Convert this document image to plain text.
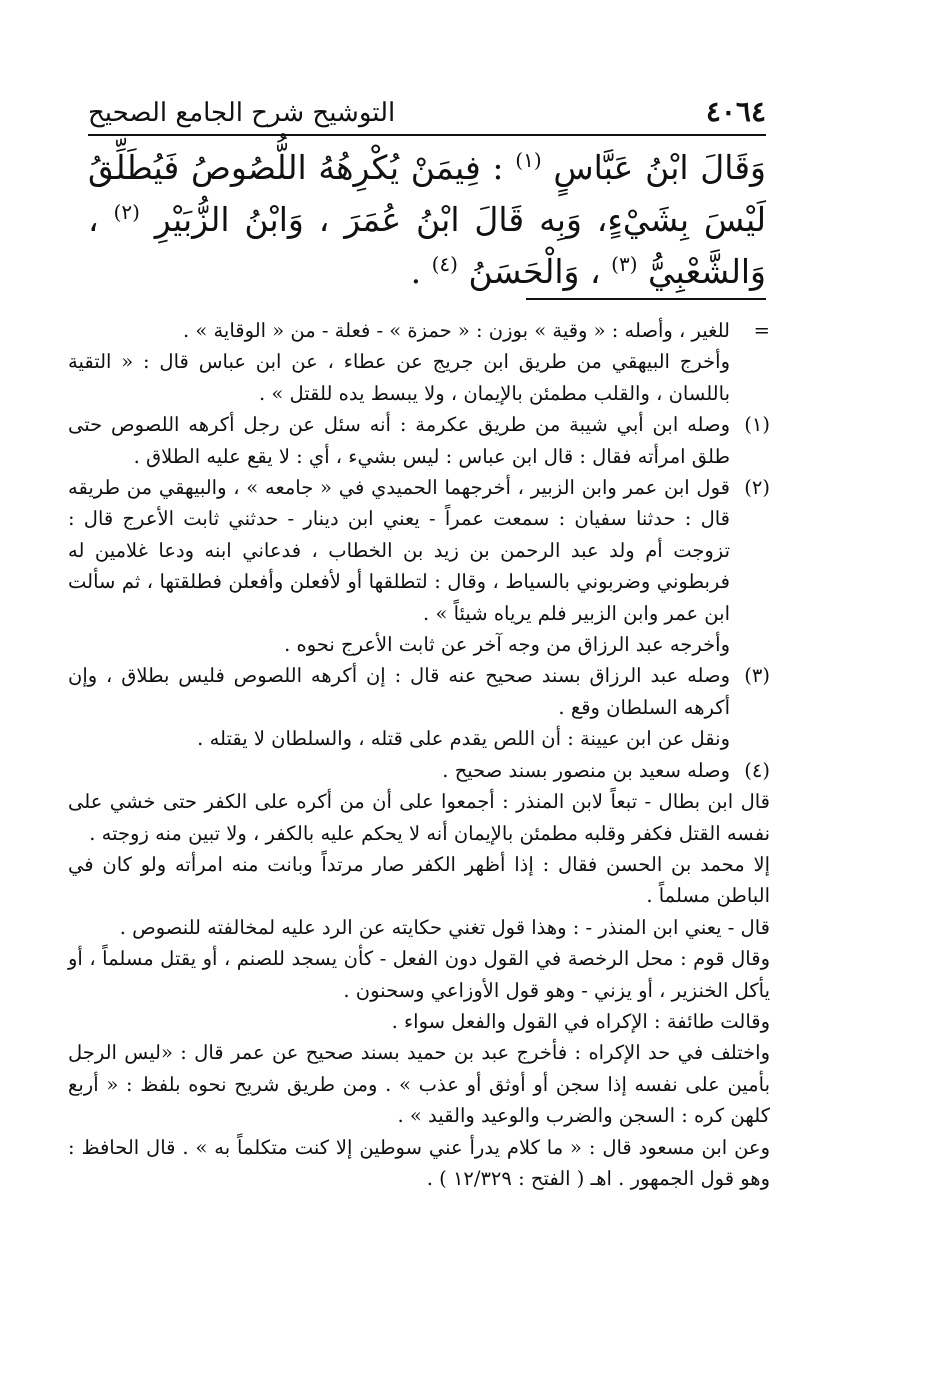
٤٠٦٤
التوشيح شرح الجامع الصحيح
وَقَالَ ابْنُ عَبَّاسٍ $^{(١)}$ : فِيمَنْ يُكْرِهُهُ اللُّصُوصُ فَيُطَلِّقُ لَيْسَ بِشَيْءٍ، وَبِه قَالَ ابْنُ عُمَرَ ، وَابْنُ الزُّبَيْرِ $^{(٢)}$ ، وَالشَّعْبِيُّ $^{(٣)}$ ، وَالْحَسَنُ $^{(٤)}$ .
=

للغير ، وأصله : « وقية » بوزن : « حمزة » - فعلة - من « الوقاية » .

وأخرج البيهقي من طريق ابن جريج عن عطاء ، عن ابن عباس قال : « التقية باللسان ، والقلب مطمئن بالإيمان ، ولا يبسط يده للقتل » .

(١)

وصله ابن أبي شيبة من طريق عكرمة : أنه سئل عن رجل أكرهه اللصوص حتى طلق امرأته فقال : قال ابن عباس : ليس بشيء ، أي : لا يقع عليه الطلاق .

(٢)

قول ابن عمر وابن الزبير ، أخرجهما الحميدي في « جامعه » ، والبيهقي من طريقه قال : حدثنا سفيان : سمعت عمراً - يعني ابن دينار - حدثني ثابت الأعرج قال : تزوجت أم ولد عبد الرحمن بن زيد بن الخطاب ، فدعاني ابنه ودعا غلامين له فربطوني وضربوني بالسياط ، وقال : لتطلقها أو لأفعلن وأفعلن فطلقتها ، ثم سألت ابن عمر وابن الزبير فلم يرياه شيئاً » .

وأخرجه عبد الرزاق من وجه آخر عن ثابت الأعرج نحوه .

(٣)

وصله عبد الرزاق بسند صحيح عنه قال : إن أكرهه اللصوص فليس بطلاق ، وإن أكرهه السلطان وقع .

ونقل عن ابن عيينة : أن اللص يقدم على قتله ، والسلطان لا يقتله .

(٤)

وصله سعيد بن منصور بسند صحيح .

قال ابن بطال - تبعاً لابن المنذر : أجمعوا على أن من أكره على الكفر حتى خشي على نفسه القتل فكفر وقلبه مطمئن بالإيمان أنه لا يحكم عليه بالكفر ، ولا تبين منه زوجته .

إلا محمد بن الحسن فقال : إذا أظهر الكفر صار مرتداً وبانت منه امرأته ولو كان في الباطن مسلماً .

قال - يعني ابن المنذر - : وهذا قول تغني حكايته عن الرد عليه لمخالفته للنصوص .

وقال قوم : محل الرخصة في القول دون الفعل - كأن يسجد للصنم ، أو يقتل مسلماً ، أو يأكل الخنزير ، أو يزني - وهو قول الأوزاعي وسحنون .

وقالت طائفة : الإكراه في القول والفعل سواء .

واختلف في حد الإكراه : فأخرج عبد بن حميد بسند صحيح عن عمر قال : «ليس الرجل بأمين على نفسه إذا سجن أو أوثق أو عذب » . ومن طريق شريح نحوه بلفظ : « أربع كلهن كره : السجن والضرب والوعيد والقيد » .

وعن ابن مسعود قال : « ما كلام يدرأ عني سوطين إلا كنت متكلماً به » . قال الحافظ : وهو قول الجمهور . اهـ ( الفتح : ١٢/٣٢٩ ) .
